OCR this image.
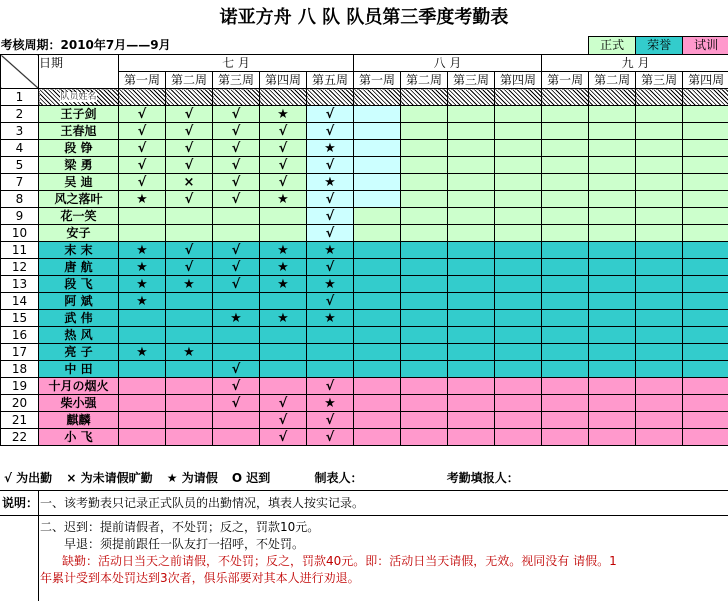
诺亚方舟 八 队 队员第三季度考勤表
考核周期：2010年7月——9月												正式	荣誉	试训
	日期	七 月					八 月				九 月			
		第一周	第二周	第三周	第四周	第五周	第一周	第二周	第三周	第四周	第一周	第二周	第三周	第四周
1	队员姓名													
2	王子剑	√	√	√	★	√								
3	王春旭	√	√	√	√	√								
4	段 铮	√	√	√	√	★								
5	梁 勇	√	√	√	√	√								
7	吴 迪	√	×	√	√	★								
8	风之落叶	★	√	√	★	√								
9	花一笑					√								
10	安子					√								
11	末 末	★	√	√	★	★								
12	唐 航	★	√	√	★	√								
13	段 飞	★	★	√	★	★								
14	阿 斌	★				√								
15	武 伟			★	★	★								
16	热 风													
17	亮 子	★	★											
18	中 田			√										
19	十月の烟火			√		√								
20	柴小强			√	√	★								
21	麒麟				√	√								
22	小 飞				√	√								
√ 为出勤 × 为未请假旷勤 ★ 为请假 O 迟到	制表人：	考勤填报人：
说明： 一、该考勤表只记录正式队员的出勤情况，填表人按实记录。
二、迟到：提前请假者，不处罚；反之，罚款10元。
早退：须提前跟任一队友打一招呼，不处罚。
缺勤：活动日当天之前请假，不处罚；反之，罚款40元。即：活动日当天请假，无效。视同没有 请假。1
年累计受到本处罚达到3次者，俱乐部要对其本人进行劝退。
